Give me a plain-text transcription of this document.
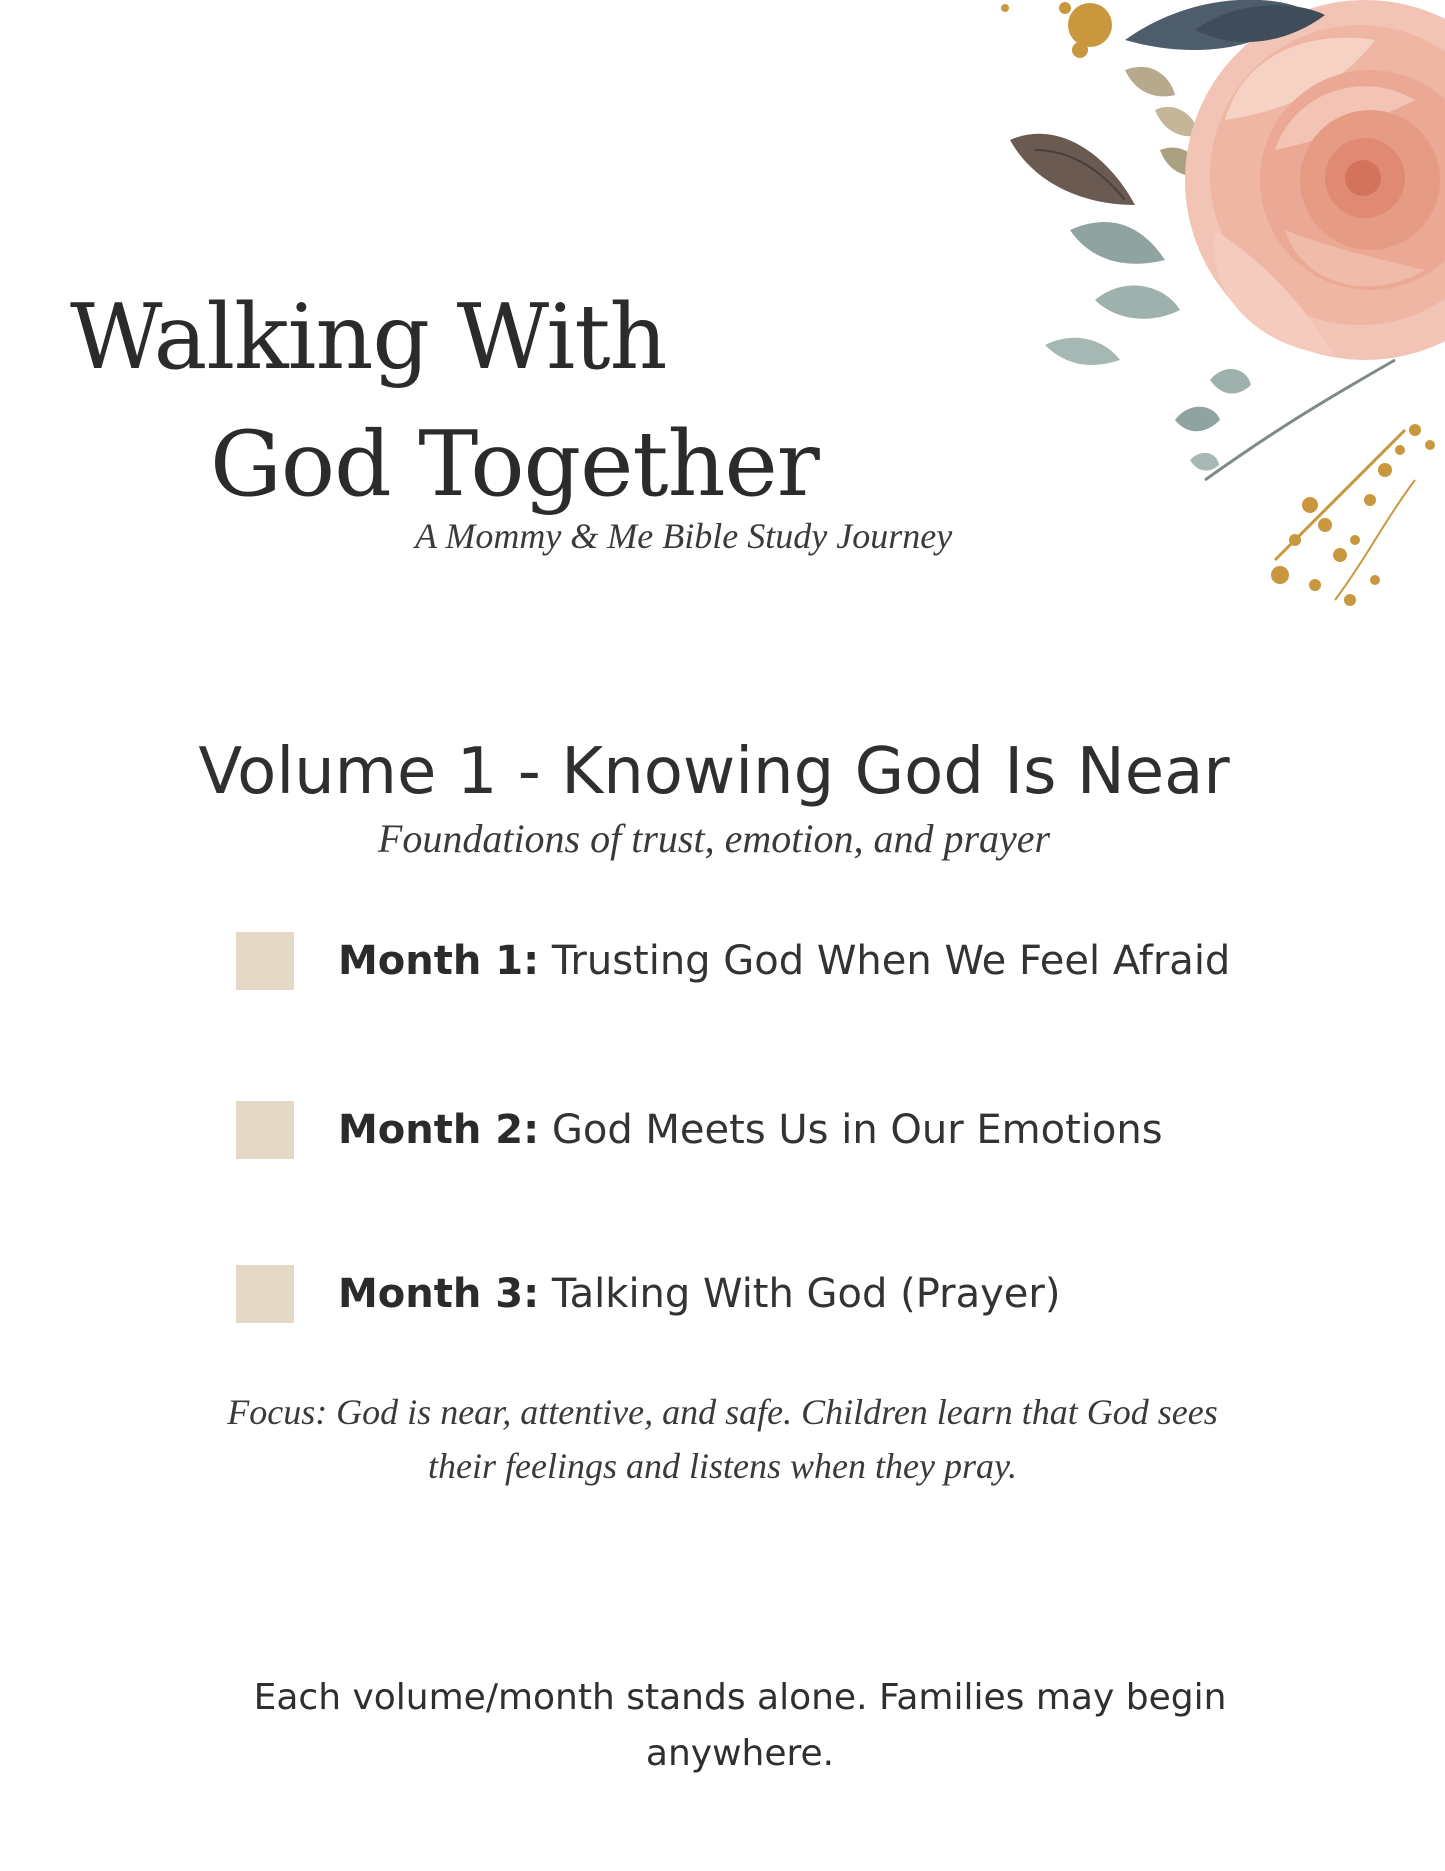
Walking With
God Together
A Mommy & Me Bible Study Journey
Volume 1 - Knowing God Is Near
Foundations of trust, emotion, and prayer
Month 1: Trusting God When We Feel Afraid
Month 2: God Meets Us in Our Emotions
Month 3: Talking With God (Prayer)
Focus: God is near, attentive, and safe. Children learn that God sees their feelings and listens when they pray.
Each volume/month stands alone. Families may begin anywhere.
